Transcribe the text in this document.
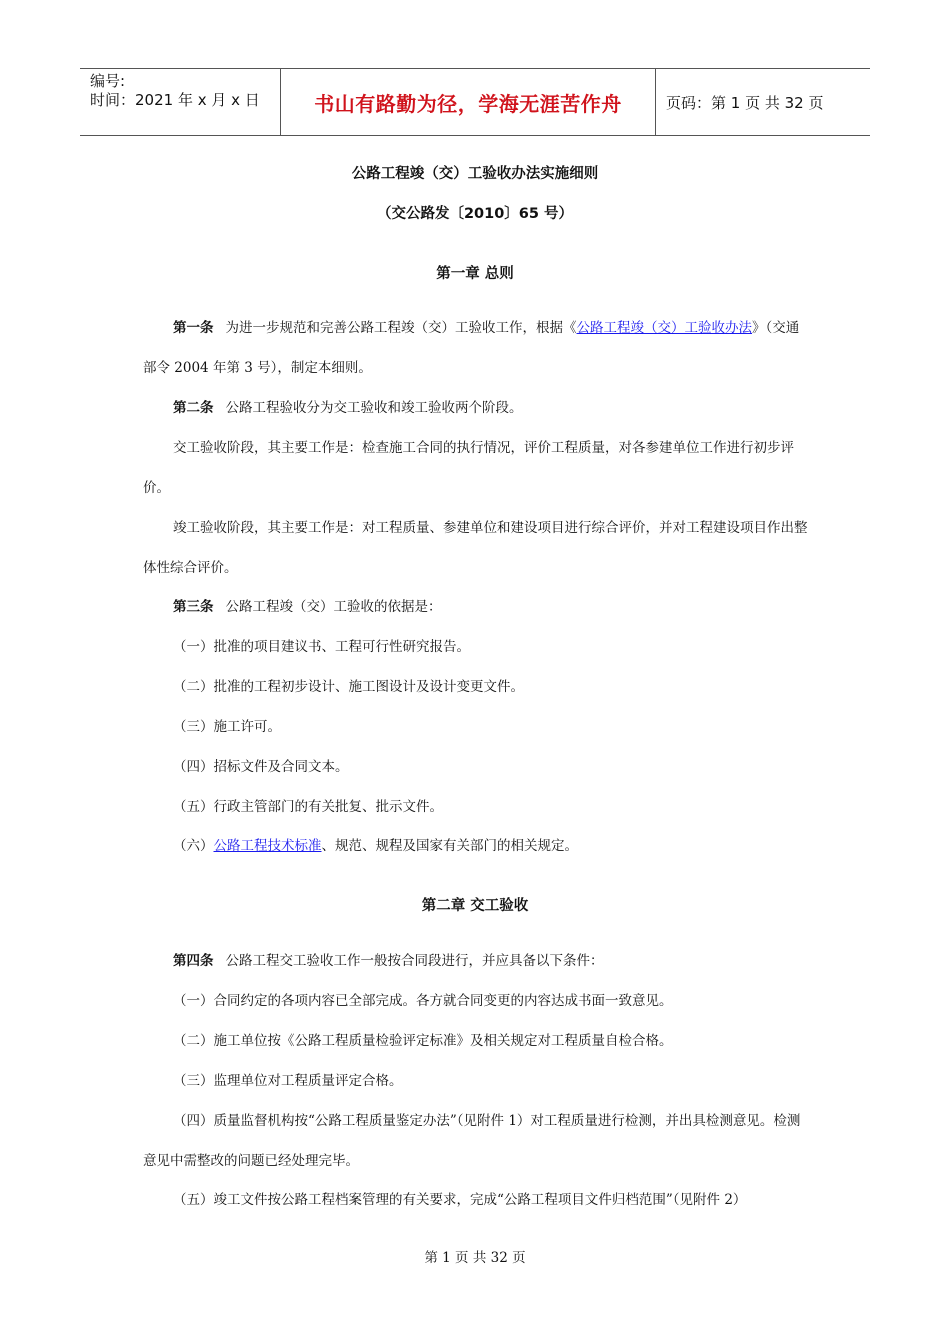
编号:
时间：2021 年 x 月 x 日	书山有路勤为径，学海无涯苦作舟	页码：第 1 页 共 32 页
公路工程竣（交）工验收办法实施细则
（交公路发〔2010〕65 号）
第一章 总则
第一条 为进一步规范和完善公路工程竣（交）工验收工作，根据《公路工程竣（交）工验收办法》（交通部令 2004 年第 3 号），制定本细则。
第二条 公路工程验收分为交工验收和竣工验收两个阶段。
交工验收阶段，其主要工作是：检查施工合同的执行情况，评价工程质量，对各参建单位工作进行初步评价。
竣工验收阶段，其主要工作是：对工程质量、参建单位和建设项目进行综合评价，并对工程建设项目作出整体性综合评价。
第三条 公路工程竣（交）工验收的依据是：
（一）批准的项目建议书、工程可行性研究报告。
（二）批准的工程初步设计、施工图设计及设计变更文件。
（三）施工许可。
（四）招标文件及合同文本。
（五）行政主管部门的有关批复、批示文件。
（六）公路工程技术标准、规范、规程及国家有关部门的相关规定。
第二章 交工验收
第四条 公路工程交工验收工作一般按合同段进行，并应具备以下条件：
（一）合同约定的各项内容已全部完成。各方就合同变更的内容达成书面一致意见。
（二）施工单位按《公路工程质量检验评定标准》及相关规定对工程质量自检合格。
（三）监理单位对工程质量评定合格。
（四）质量监督机构按“公路工程质量鉴定办法”（见附件 1）对工程质量进行检测，并出具检测意见。检测意见中需整改的问题已经处理完毕。
（五）竣工文件按公路工程档案管理的有关要求，完成“公路工程项目文件归档范围”（见附件 2）
第 1 页 共 32 页
